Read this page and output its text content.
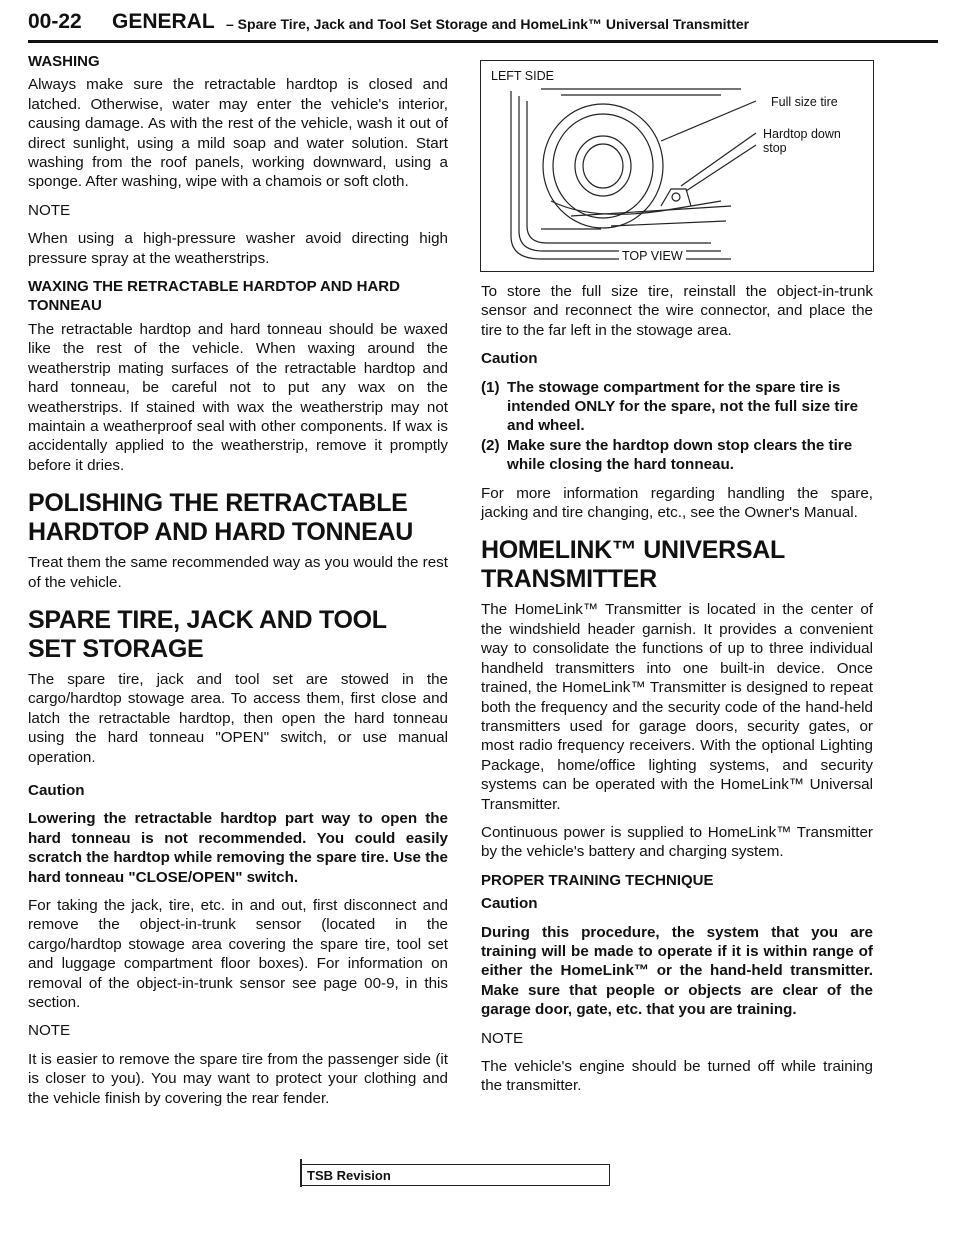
00-22 GENERAL – Spare Tire, Jack and Tool Set Storage and HomeLink™ Universal Transmitter
WASHING

Always make sure the retractable hardtop is closed and latched. Otherwise, water may enter the vehicle's interior, causing damage. As with the rest of the vehicle, wash it out of direct sunlight, using a mild soap and water solution. Start washing from the roof panels, working downward, using a sponge. After washing, wipe with a chamois or soft cloth.

NOTE

When using a high-pressure washer avoid directing high pressure spray at the weatherstrips.

WAXING THE RETRACTABLE HARDTOP AND HARD TONNEAU

The retractable hardtop and hard tonneau should be waxed like the rest of the vehicle. When waxing around the weatherstrip mating surfaces of the retractable hardtop and hard tonneau, be careful not to put any wax on the weatherstrips. If stained with wax the weatherstrip may not maintain a weatherproof seal with other components. If wax is accidentally applied to the weatherstrip, remove it promptly before it dries.

POLISHING THE RETRACTABLE
HARDTOP AND HARD TONNEAU

Treat them the same recommended way as you would the rest of the vehicle.

SPARE TIRE, JACK AND TOOL
SET STORAGE

The spare tire, jack and tool set are stowed in the cargo/hardtop stowage area. To access them, first close and latch the retractable hardtop, then open the hard tonneau using the hard tonneau "OPEN" switch, or use manual operation.

Caution

Lowering the retractable hardtop part way to open the hard tonneau is not recommended. You could easily scratch the hardtop while removing the spare tire. Use the hard tonneau "CLOSE/OPEN" switch.

For taking the jack, tire, etc. in and out, first disconnect and remove the object-in-trunk sensor (located in the cargo/hardtop stowage area covering the spare tire, tool set and luggage compartment floor boxes). For information on removal of the object-in-trunk sensor see page 00-9, in this section.

NOTE

It is easier to remove the spare tire from the passenger side (it is closer to you). You may want to protect your clothing and the vehicle finish by covering the rear fender.

LEFT SIDE
Full size tire
Hardtop down
stop
TOP VIEW

To store the full size tire, reinstall the object-in-trunk sensor and reconnect the wire connector, and place the tire to the far left in the stowage area.

Caution

(1) The stowage compartment for the spare tire is intended ONLY for the spare, not the full size tire and wheel.
(2) Make sure the hardtop down stop clears the tire while closing the hard tonneau.

For more information regarding handling the spare, jacking and tire changing, etc., see the Owner's Manual.

HOMELINK™ UNIVERSAL
TRANSMITTER

The HomeLink™ Transmitter is located in the center of the windshield header garnish. It provides a convenient way to consolidate the functions of up to three individual handheld transmitters into one built-in device. Once trained, the HomeLink™ Transmitter is designed to repeat both the frequency and the security code of the hand-held transmitters used for garage doors, security gates, or most radio frequency receivers. With the optional Lighting Package, home/office lighting systems, and security systems can be operated with the HomeLink™ Universal Transmitter.

Continuous power is supplied to HomeLink™ Transmitter by the vehicle's battery and charging system.

PROPER TRAINING TECHNIQUE

Caution

During this procedure, the system that you are training will be made to operate if it is within range of either the HomeLink™ or the hand-held transmitter. Make sure that people or objects are clear of the garage door, gate, etc. that you are training.

NOTE

The vehicle's engine should be turned off while training the transmitter.

TSB Revision
